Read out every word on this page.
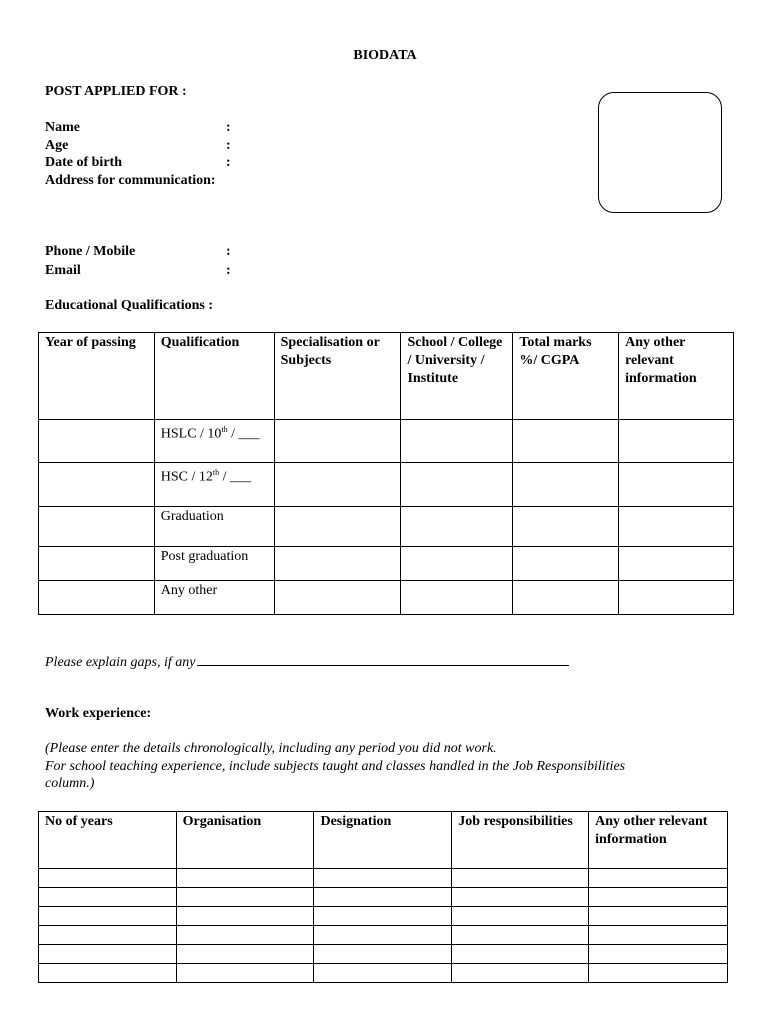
BIODATA
POST APPLIED FOR :
Name	:
Age	:
Date of birth	:
Address for communication:
Phone / Mobile	:
Email	:
Educational Qualifications :
Year of passing	Qualification	Specialisation or Subjects	School / College / University / Institute	Total marks %/ CGPA	Any other relevant information
	HSLC / 10th / ___				
	HSC / 12th / ___				
	Graduation				
	Post graduation				
	Any other				
Please explain gaps, if any
Work experience:
(Please enter the details chronologically, including any period you did not work.
For school teaching experience, include subjects taught and classes handled in the Job Responsibilities
column.)
No of years	Organisation	Designation	Job responsibilities	Any other relevant information
